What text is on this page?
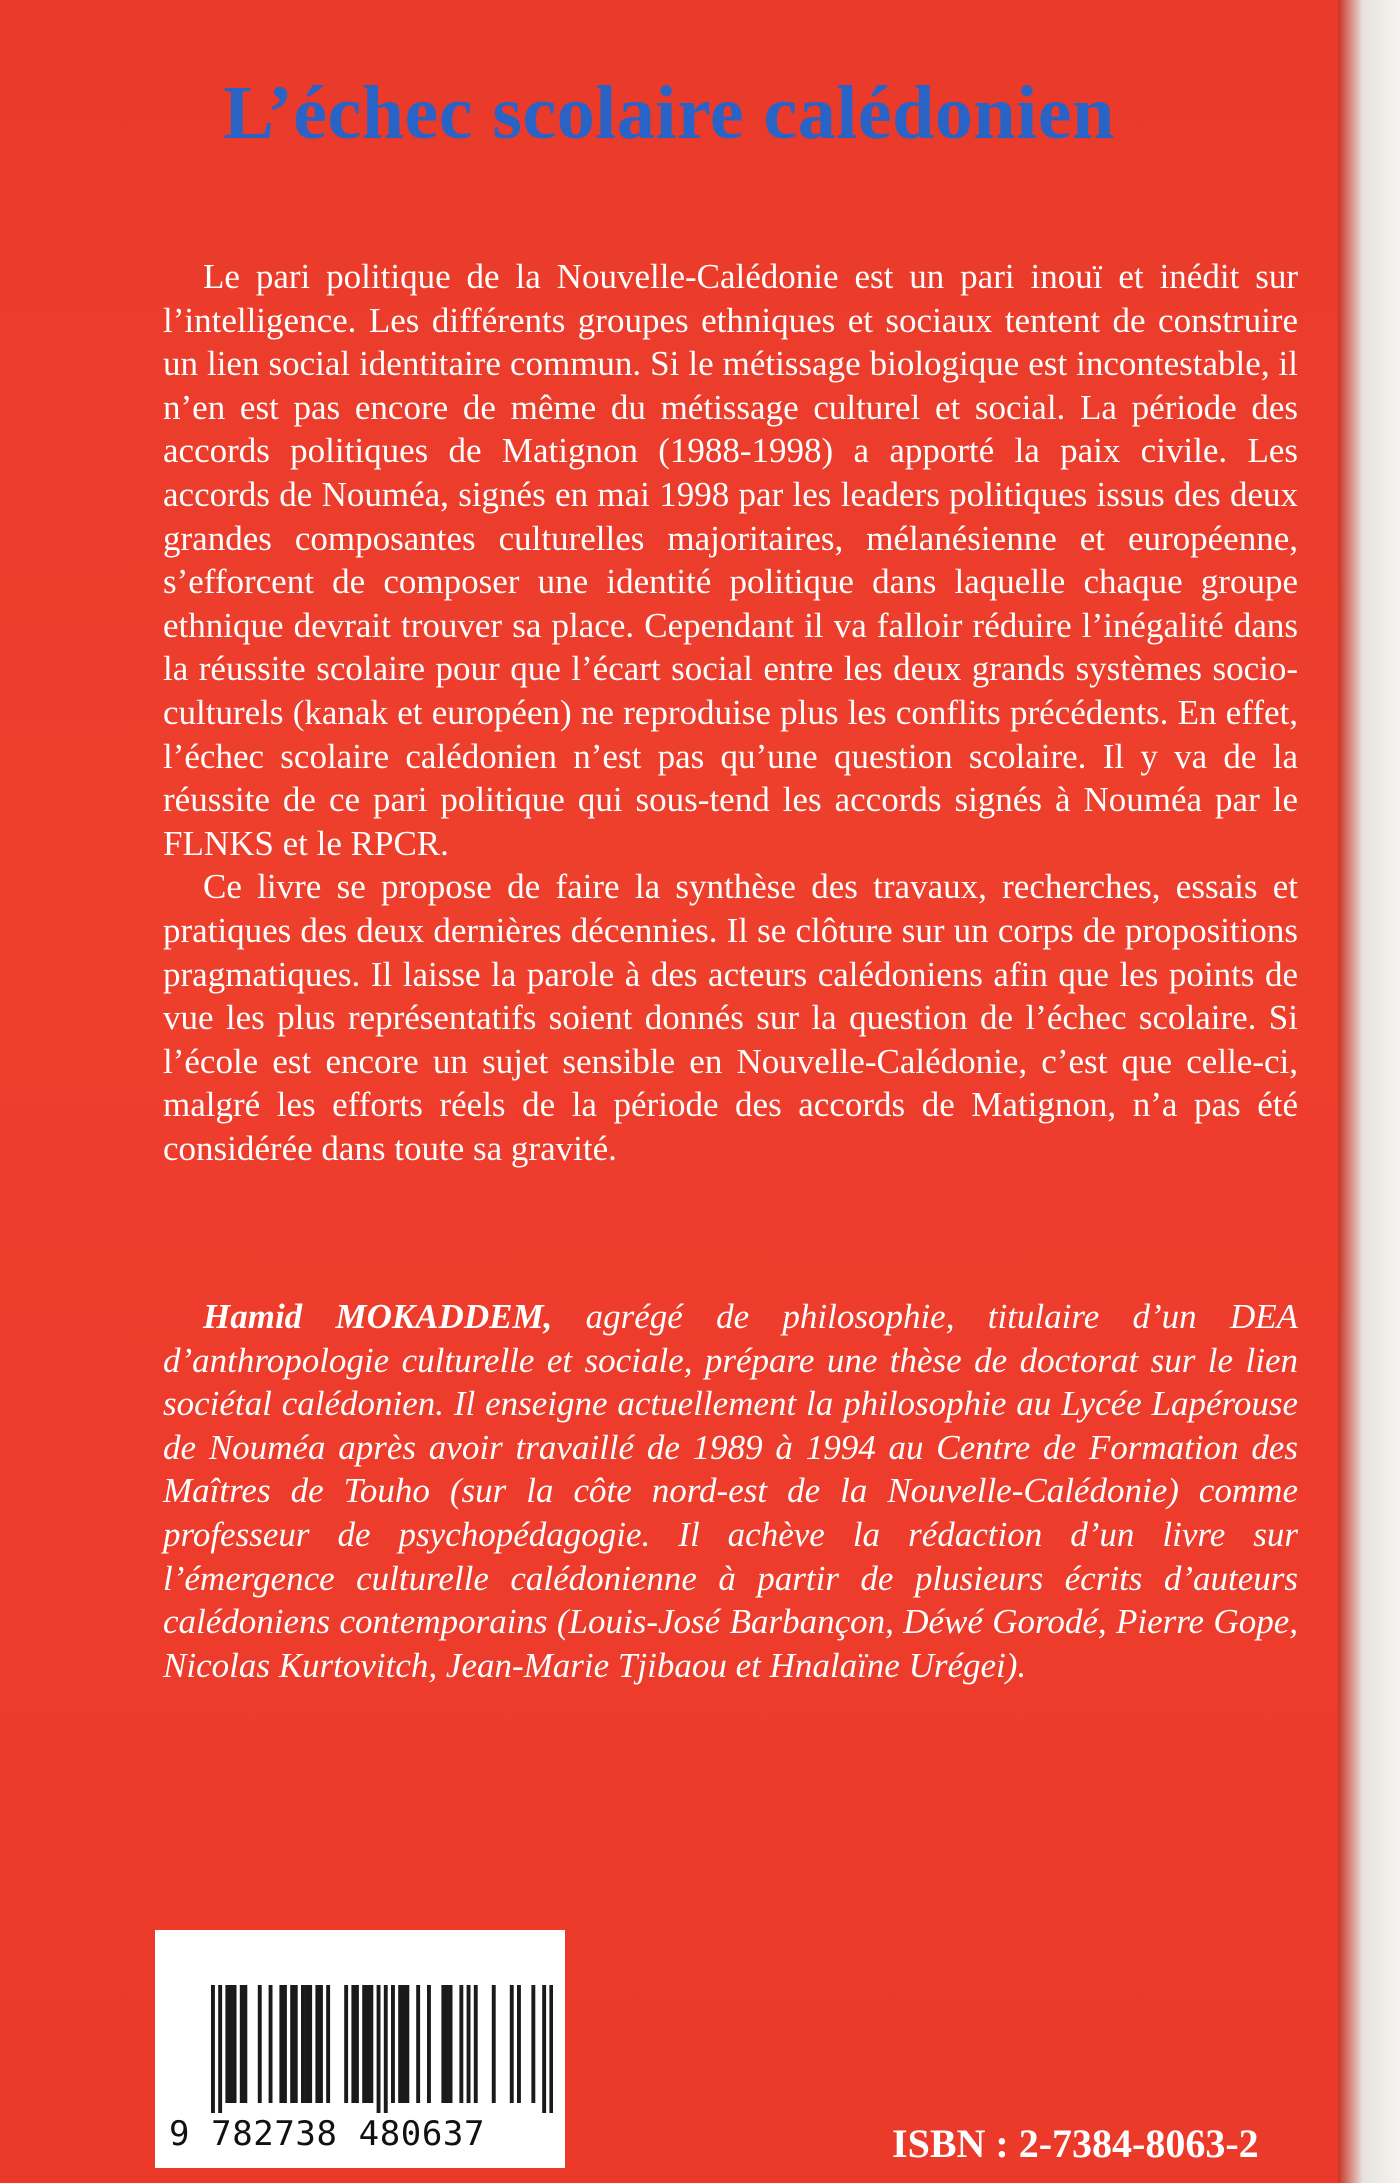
L’échec scolaire calédonien

Le pari politique de la Nouvelle-Calédonie est un pari inouï et inédit sur l’intelligence. Les différents groupes ethniques et sociaux tentent de construire un lien social identitaire commun. Si le métissage biologique est incontestable, il n’en est pas encore de même du métissage culturel et social. La période des accords politiques de Matignon (1988-1998) a apporté la paix civile. Les accords de Nouméa, signés en mai 1998 par les leaders politiques issus des deux grandes composantes culturelles majoritaires, mélanésienne et européenne, s’efforcent de composer une identité politique dans laquelle chaque groupe ethnique devrait trouver sa place. Cependant il va falloir réduire l’inégalité dans la réussite scolaire pour que l’écart social entre les deux grands systèmes socio-culturels (kanak et européen) ne reproduise plus les conflits précédents. En effet, l’échec scolaire calédonien n’est pas qu’une question scolaire. Il y va de la réussite de ce pari politique qui sous-tend les accords signés à Nouméa par le FLNKS et le RPCR.

Ce livre se propose de faire la synthèse des travaux, recherches, essais et pratiques des deux dernières décennies. Il se clôture sur un corps de propositions pragmatiques. Il laisse la parole à des acteurs calédoniens afin que les points de vue les plus représentatifs soient donnés sur la question de l’échec scolaire. Si l’école est encore un sujet sensible en Nouvelle-Calédonie, c’est que celle-ci, malgré les efforts réels de la période des accords de Matignon, n’a pas été considérée dans toute sa gravité.

Hamid MOKADDEM, agrégé de philosophie, titulaire d’un DEA d’anthropologie culturelle et sociale, prépare une thèse de doctorat sur le lien sociétal calédonien. Il enseigne actuellement la philosophie au Lycée Lapérouse de Nouméa après avoir travaillé de 1989 à 1994 au Centre de Formation des Maîtres de Touho (sur la côte nord-est de la Nouvelle-Calédonie) comme professeur de psychopédagogie. Il achève la rédaction d’un livre sur l’émergence culturelle calédonienne à partir de plusieurs écrits d’auteurs calédoniens contemporains (Louis-José Barbançon, Déwé Gorodé, Pierre Gope, Nicolas Kurtovitch, Jean-Marie Tjibaou et Hnalaïne Urégei).

9 782738 480637	ISBN : 2-7384-8063-2
